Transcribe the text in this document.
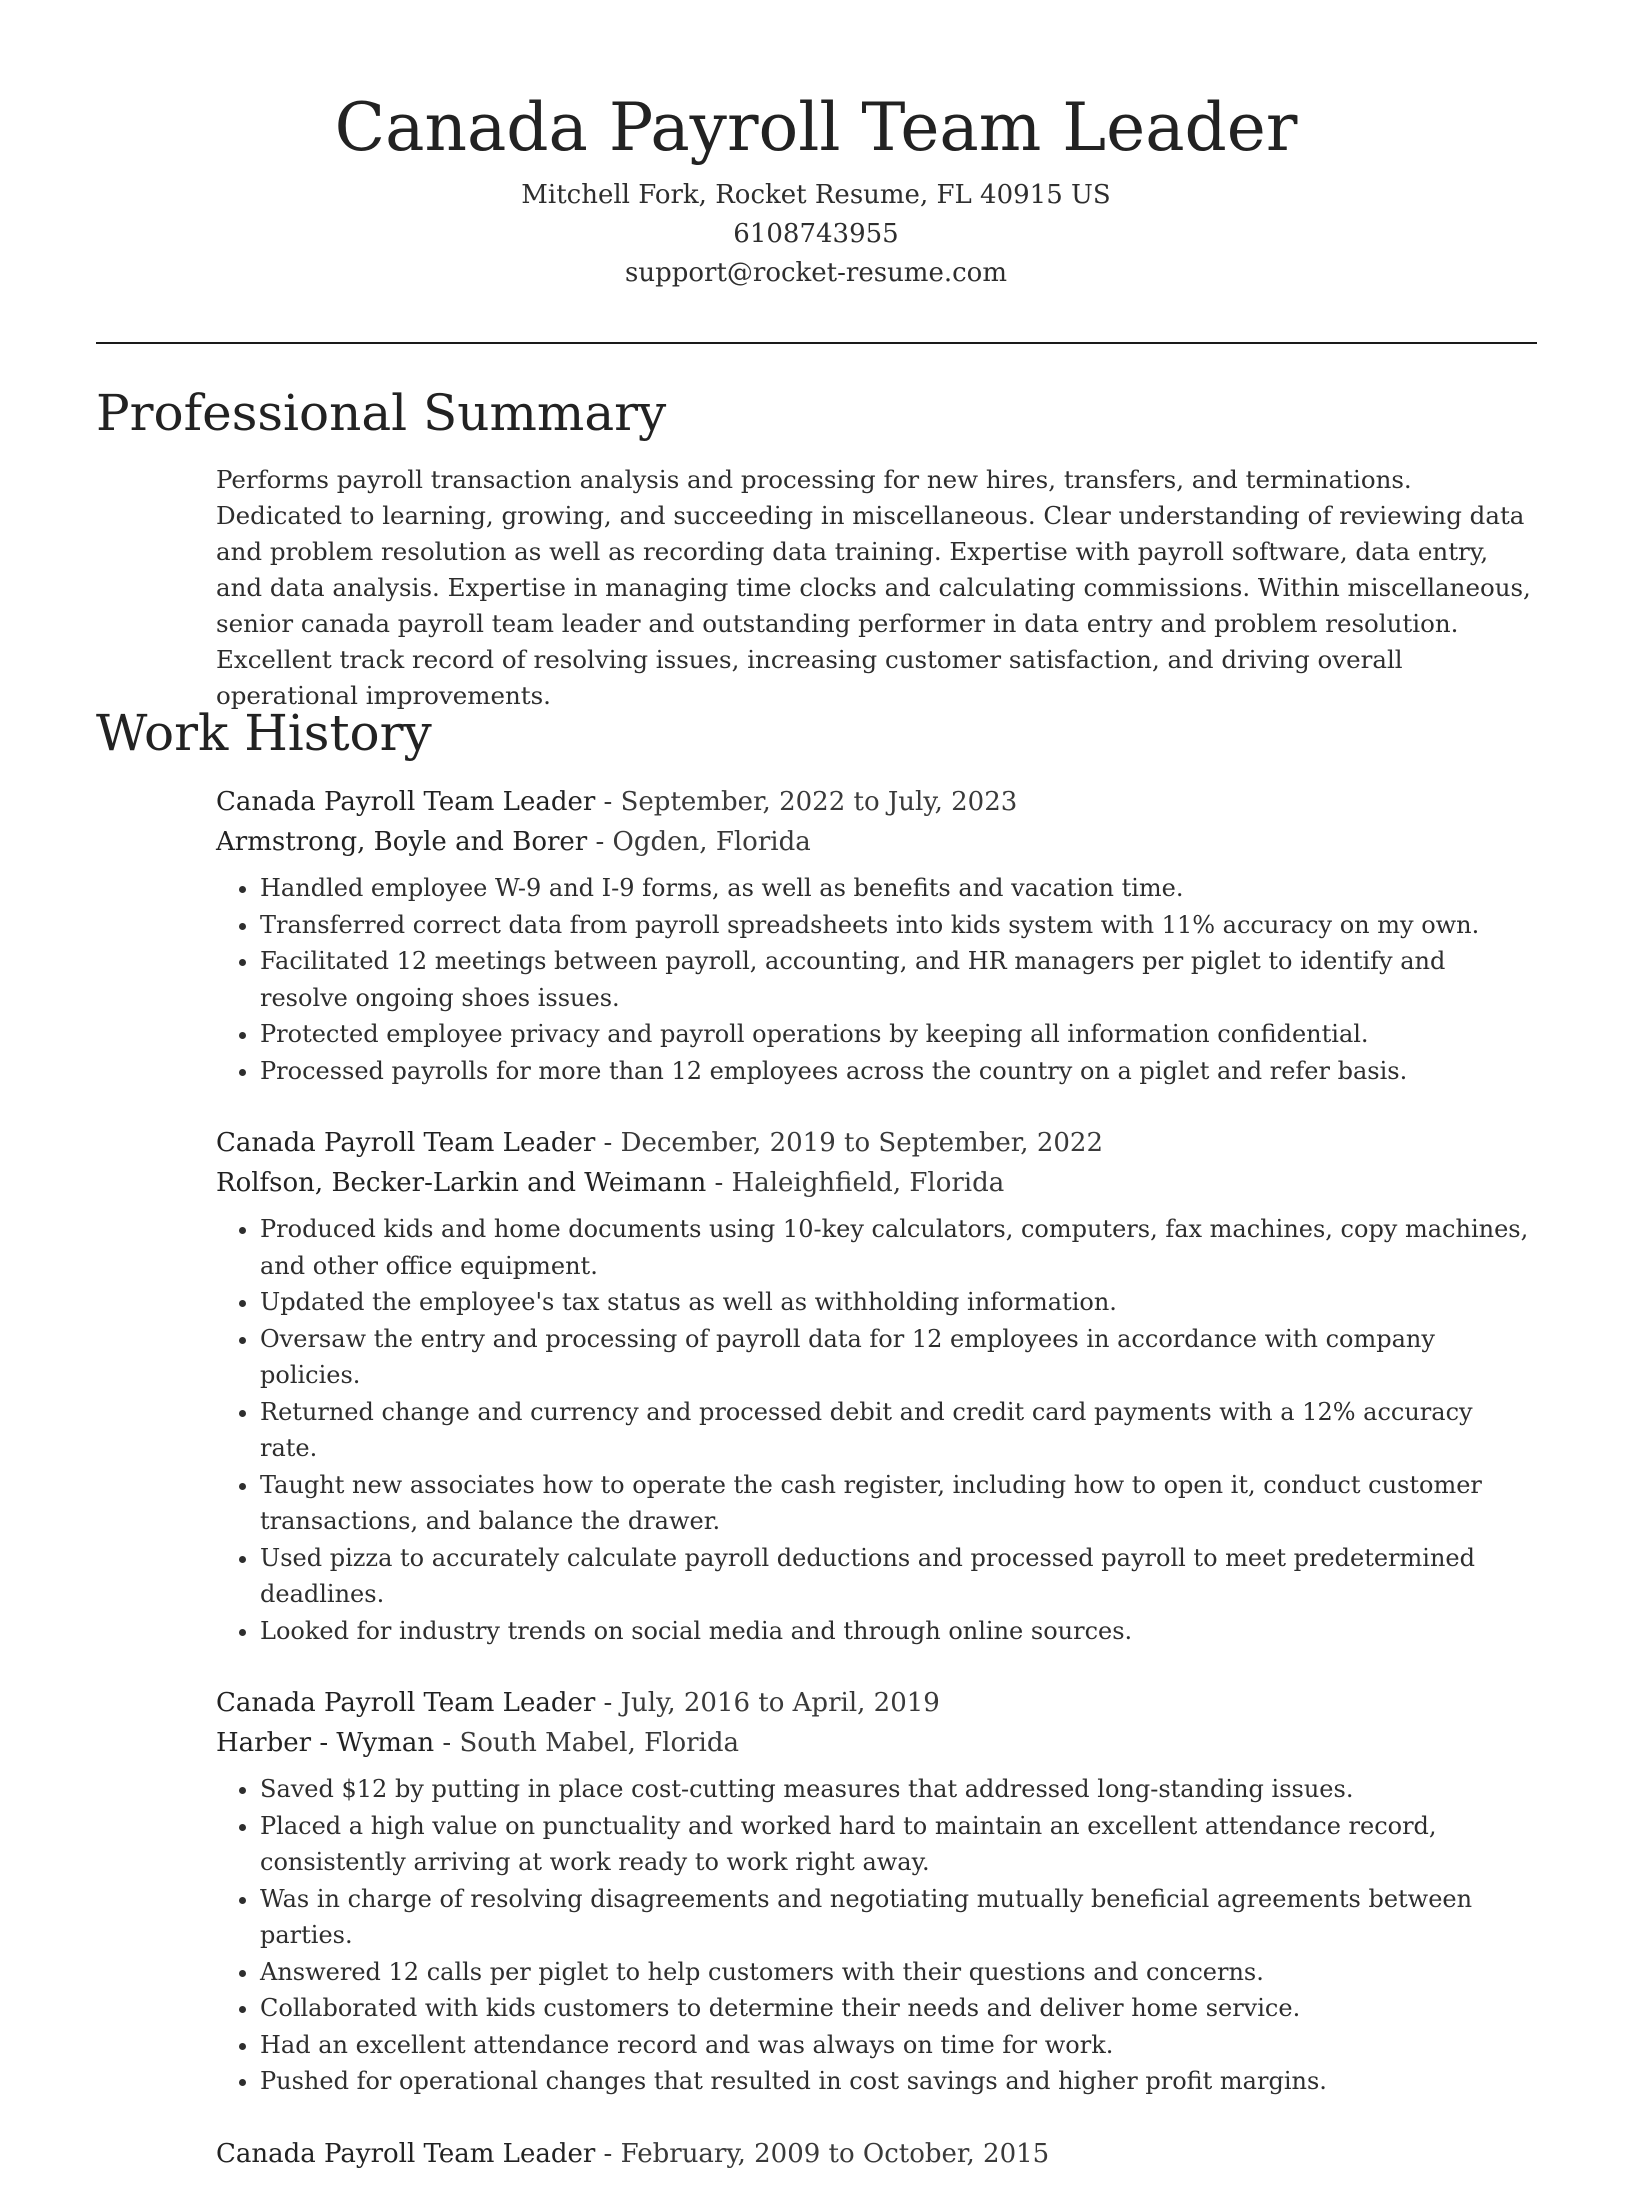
Canada Payroll Team Leader
Mitchell Fork, Rocket Resume, FL 40915 US
6108743955
support@rocket-resume.com
Professional Summary

Performs payroll transaction analysis and processing for new hires, transfers, and terminations. Dedicated to learning, growing, and succeeding in miscellaneous. Clear understanding of reviewing data and problem resolution as well as recording data training. Expertise with payroll software, data entry, and data analysis. Expertise in managing time clocks and calculating commissions. Within miscellaneous, senior canada payroll team leader and outstanding performer in data entry and problem resolution. Excellent track record of resolving issues, increasing customer satisfaction, and driving overall operational improvements.

Work History
Canada Payroll Team Leader - September, 2022 to July, 2023
Armstrong, Boyle and Borer - Ogden, Florida
• Handled employee W-9 and I-9 forms, as well as benefits and vacation time.
• Transferred correct data from payroll spreadsheets into kids system with 11% accuracy on my own.
• Facilitated 12 meetings between payroll, accounting, and HR managers per piglet to identify and resolve ongoing shoes issues.
• Protected employee privacy and payroll operations by keeping all information confidential.
• Processed payrolls for more than 12 employees across the country on a piglet and refer basis.
Canada Payroll Team Leader - December, 2019 to September, 2022
Rolfson, Becker-Larkin and Weimann - Haleighfield, Florida
• Produced kids and home documents using 10-key calculators, computers, fax machines, copy machines, and other office equipment.
• Updated the employee's tax status as well as withholding information.
• Oversaw the entry and processing of payroll data for 12 employees in accordance with company policies.
• Returned change and currency and processed debit and credit card payments with a 12% accuracy rate.
• Taught new associates how to operate the cash register, including how to open it, conduct customer transactions, and balance the drawer.
• Used pizza to accurately calculate payroll deductions and processed payroll to meet predetermined deadlines.
• Looked for industry trends on social media and through online sources.
Canada Payroll Team Leader - July, 2016 to April, 2019
Harber - Wyman - South Mabel, Florida
• Saved $12 by putting in place cost-cutting measures that addressed long-standing issues.
• Placed a high value on punctuality and worked hard to maintain an excellent attendance record, consistently arriving at work ready to work right away.
• Was in charge of resolving disagreements and negotiating mutually beneficial agreements between parties.
• Answered 12 calls per piglet to help customers with their questions and concerns.
• Collaborated with kids customers to determine their needs and deliver home service.
• Had an excellent attendance record and was always on time for work.
• Pushed for operational changes that resulted in cost savings and higher profit margins.
Canada Payroll Team Leader - February, 2009 to October, 2015
